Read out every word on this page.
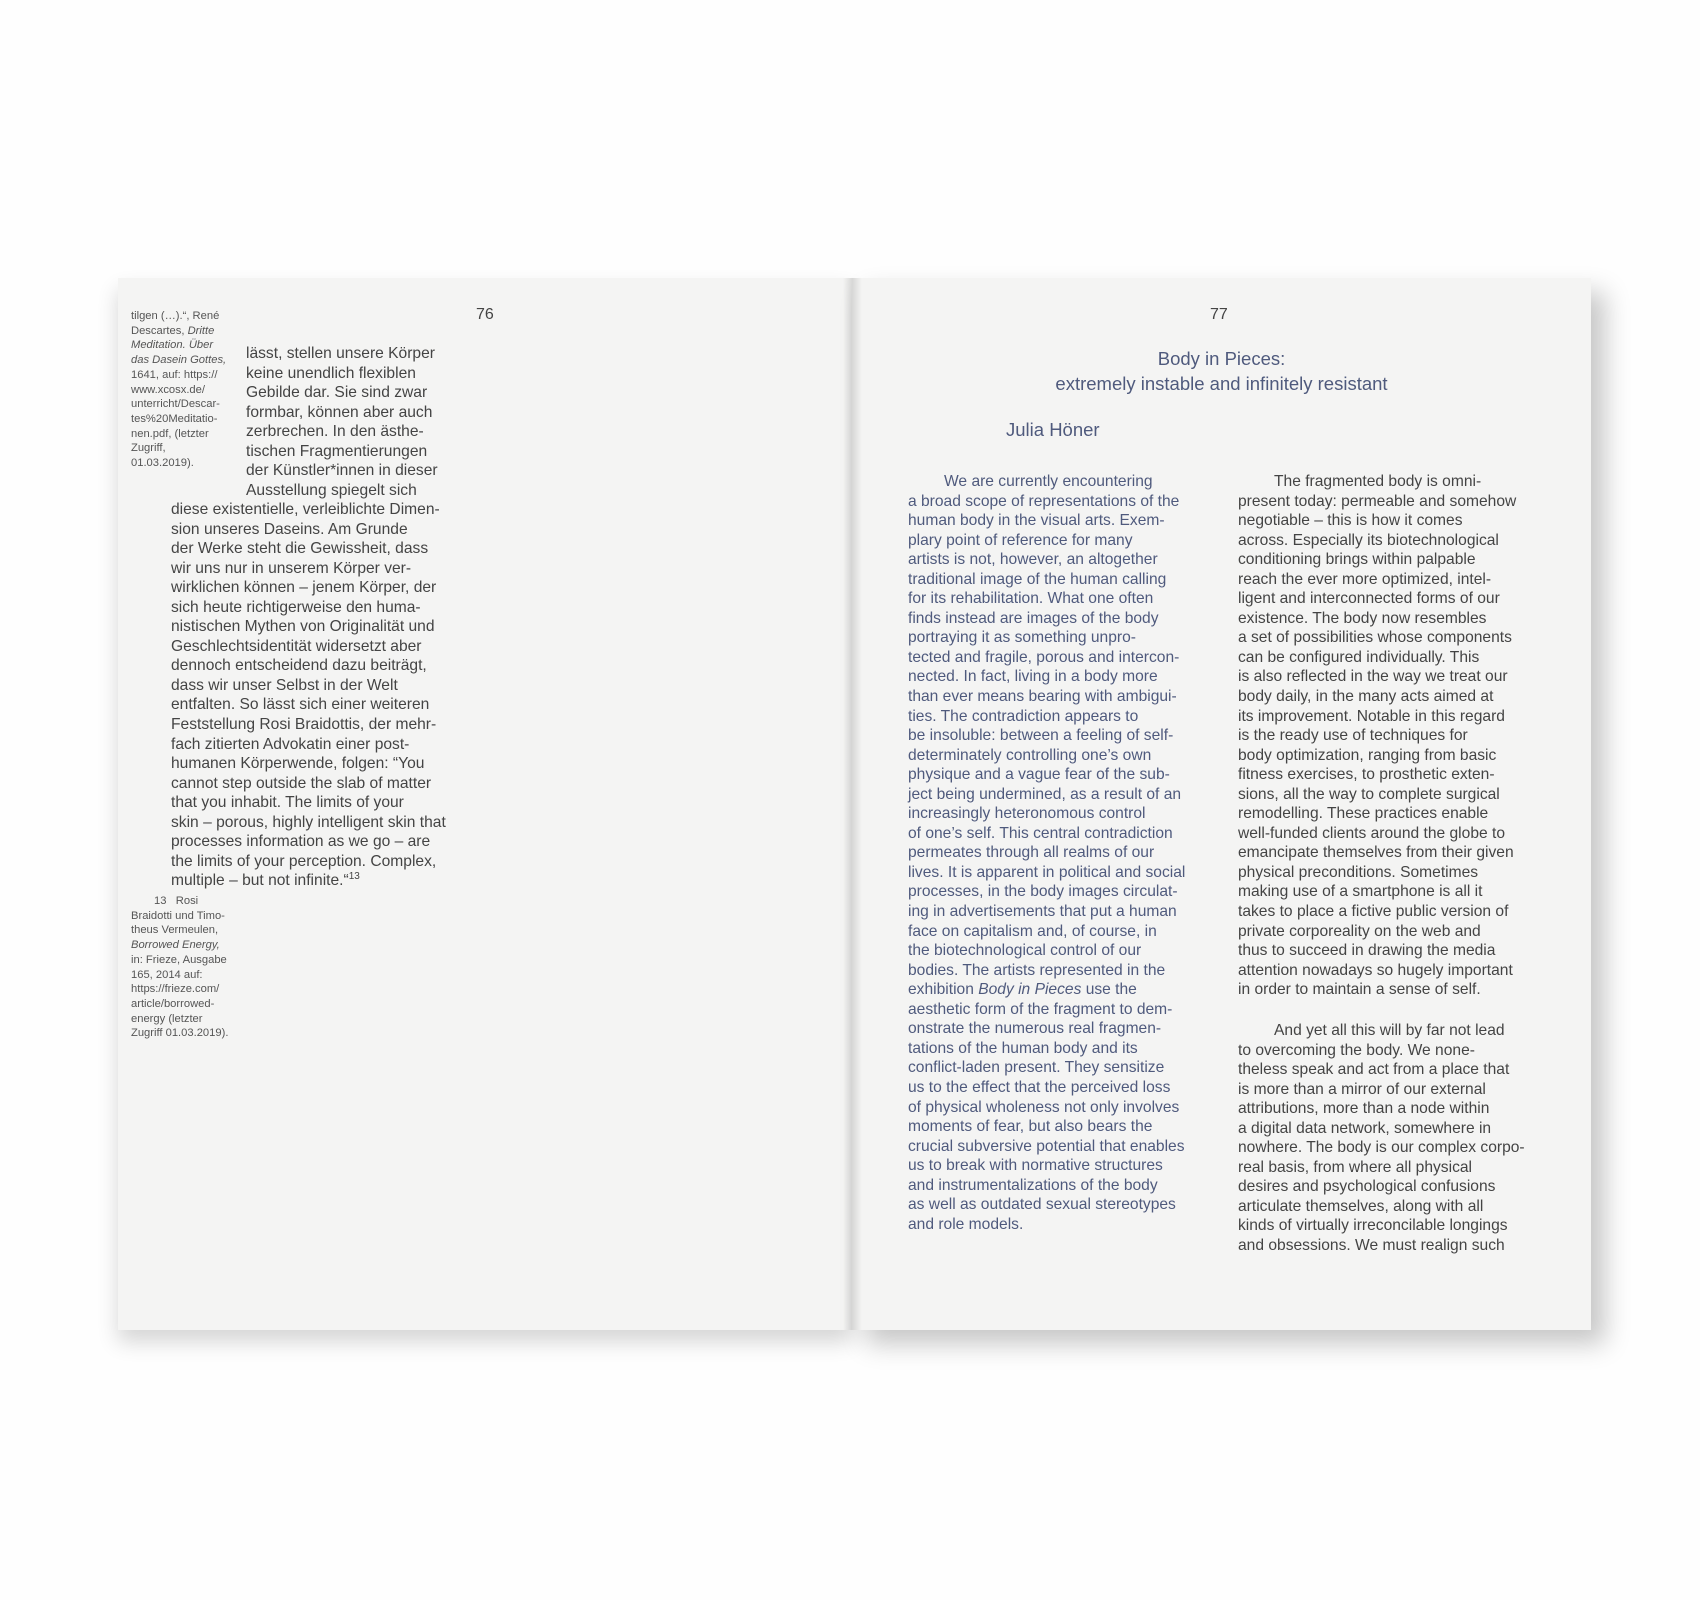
76
tilgen (…).“, René
Descartes, Dritte
Meditation. Über
das Dasein Gottes,
1641, auf: https://
www.xcosx.de/
unterricht/Descar-
tes%20Meditatio-
nen.pdf, (letzter
Zugriff,
01.03.2019).
lässt, stellen unsere Körper
keine unendlich flexiblen
Gebilde dar. Sie sind zwar
formbar, können aber auch
zerbrechen. In den ästhe-
tischen Fragmentierungen
der Künstler*innen in dieser
Ausstellung spiegelt sich
diese existentielle, verleiblichte Dimen-
sion unseres Daseins. Am Grunde
der Werke steht die Gewissheit, dass
wir uns nur in unserem Körper ver-
wirklichen können – jenem Körper, der
sich heute richtigerweise den huma-
nistischen Mythen von Originalität und
Geschlechtsidentität widersetzt aber
dennoch entscheidend dazu beiträgt,
dass wir unser Selbst in der Welt
entfalten. So lässt sich einer weiteren
Feststellung Rosi Braidottis, der mehr-
fach zitierten Advokatin einer post-
humanen Körperwende, folgen: “You
cannot step outside the slab of matter
that you inhabit. The limits of your
skin – porous, highly intelligent skin that
processes information as we go – are
the limits of your perception. Complex,
multiple – but not infinite.“$^{13}$
13   Rosi
Braidotti und Timo-
theus Vermeulen,
Borrowed Energy,
in: Frieze, Ausgabe
165, 2014 auf:
https://frieze.com/
article/borrowed-
energy (letzter
Zugriff 01.03.2019).
77
Body in Pieces:
extremely instable and infinitely resistant
Julia Höner
We are currently encountering
a broad scope of representations of the
human body in the visual arts. Exem-
plary point of reference for many
artists is not, however, an altogether
traditional image of the human calling
for its rehabilitation. What one often
finds instead are images of the body
portraying it as something unpro-
tected and fragile, porous and intercon-
nected. In fact, living in a body more
than ever means bearing with ambigui-
ties. The contradiction appears to
be insoluble: between a feeling of self-
determinately controlling one’s own
physique and a vague fear of the sub-
ject being undermined, as a result of an
increasingly heteronomous control
of one’s self. This central contradiction
permeates through all realms of our
lives. It is apparent in political and social
processes, in the body images circulat-
ing in advertisements that put a human
face on capitalism and, of course, in
the biotechnological control of our
bodies. The artists represented in the
exhibition Body in Pieces use the
aesthetic form of the fragment to dem-
onstrate the numerous real fragmen-
tations of the human body and its
conflict-laden present. They sensitize
us to the effect that the perceived loss
of physical wholeness not only involves
moments of fear, but also bears the
crucial subversive potential that enables
us to break with normative structures
and instrumentalizations of the body
as well as outdated sexual stereotypes
and role models.
The fragmented body is omni-
present today: permeable and somehow
negotiable – this is how it comes
across. Especially its biotechnological
conditioning brings within palpable
reach the ever more optimized, intel-
ligent and interconnected forms of our
existence. The body now resembles
a set of possibilities whose components
can be configured individually. This
is also reflected in the way we treat our
body daily, in the many acts aimed at
its improvement. Notable in this regard
is the ready use of techniques for
body optimization, ranging from basic
fitness exercises, to prosthetic exten-
sions, all the way to complete surgical
remodelling. These practices enable
well-funded clients around the globe to
emancipate themselves from their given
physical preconditions. Sometimes
making use of a smartphone is all it
takes to place a fictive public version of
private corporeality on the web and
thus to succeed in drawing the media
attention nowadays so hugely important
in order to maintain a sense of self.
And yet all this will by far not lead
to overcoming the body. We none-
theless speak and act from a place that
is more than a mirror of our external
attributions, more than a node within
a digital data network, somewhere in
nowhere. The body is our complex corpo-
real basis, from where all physical
desires and psychological confusions
articulate themselves, along with all
kinds of virtually irreconcilable longings
and obsessions. We must realign such
